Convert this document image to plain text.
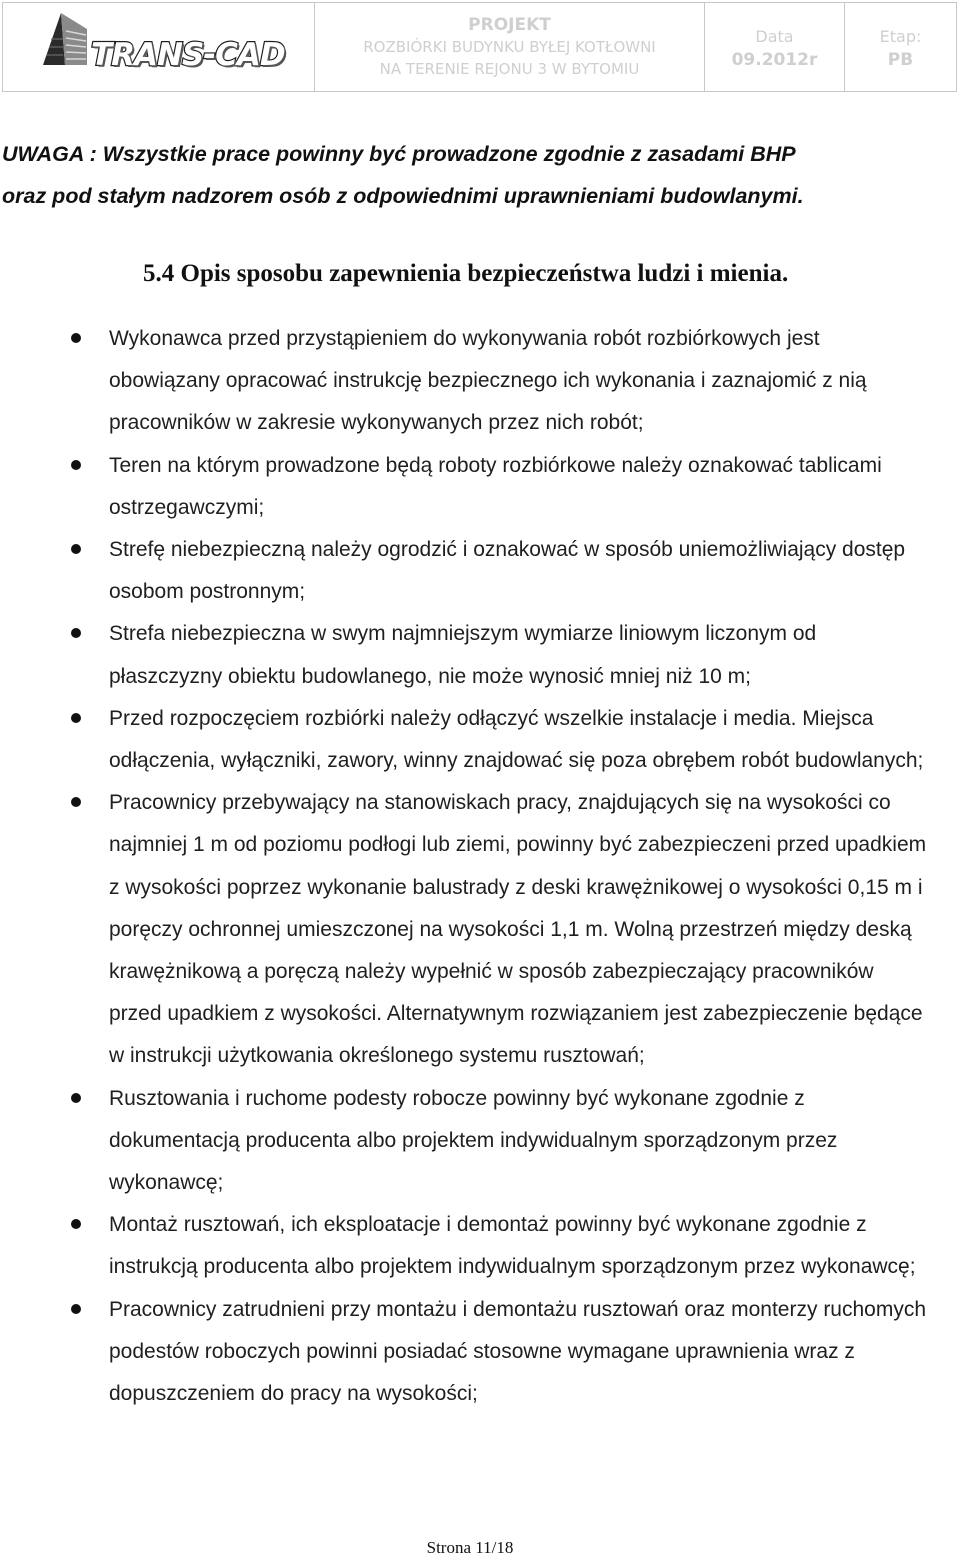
TRANS-CAD
PROJEKT
ROZBIÓRKI BUDYNKU BYŁEJ KOTŁOWNI
NA TERENIE REJONU 3 W BYTOMIU
Data
09.2012r
Etap:
PB
UWAGA : Wszystkie prace powinny być prowadzone zgodnie z zasadami BHP
oraz pod stałym nadzorem osób z odpowiednimi uprawnieniami budowlanymi.
5.4 Opis sposobu zapewnienia bezpieczeństwa ludzi i mienia.
Wykonawca przed przystąpieniem do wykonywania robót rozbiórkowych jest obowiązany opracować instrukcję bezpiecznego ich wykonania i zaznajomić z nią pracowników w zakresie wykonywanych przez nich robót;
Teren na którym prowadzone będą roboty rozbiórkowe należy oznakować tablicami ostrzegawczymi;
Strefę niebezpieczną należy ogrodzić i oznakować w sposób uniemożliwiający dostęp osobom postronnym;
Strefa niebezpieczna w swym najmniejszym wymiarze liniowym liczonym od płaszczyzny obiektu budowlanego, nie może wynosić mniej niż 10 m;
Przed rozpoczęciem rozbiórki należy odłączyć wszelkie instalacje i media. Miejsca odłączenia, wyłączniki, zawory, winny znajdować się poza obrębem robót budowlanych;
Pracownicy przebywający na stanowiskach pracy, znajdujących się na wysokości co najmniej 1 m od poziomu podłogi lub ziemi, powinny być zabezpieczeni przed upadkiem z wysokości poprzez wykonanie balustrady z deski krawężnikowej o wysokości 0,15 m i poręczy ochronnej umieszczonej na wysokości 1,1 m. Wolną przestrzeń między deską krawężnikową a poręczą należy wypełnić w sposób zabezpieczający pracowników przed upadkiem z wysokości. Alternatywnym rozwiązaniem jest zabezpieczenie będące w instrukcji użytkowania określonego systemu rusztowań;
Rusztowania i ruchome podesty robocze powinny być wykonane zgodnie z dokumentacją producenta albo projektem indywidualnym sporządzonym przez wykonawcę;
Montaż rusztowań, ich eksploatacje i demontaż powinny być wykonane zgodnie z instrukcją producenta albo projektem indywidualnym sporządzonym przez wykonawcę;
Pracownicy zatrudnieni przy montażu i demontażu rusztowań oraz monterzy ruchomych podestów roboczych powinni posiadać stosowne wymagane uprawnienia wraz z dopuszczeniem do pracy na wysokości;
Strona 11/18
